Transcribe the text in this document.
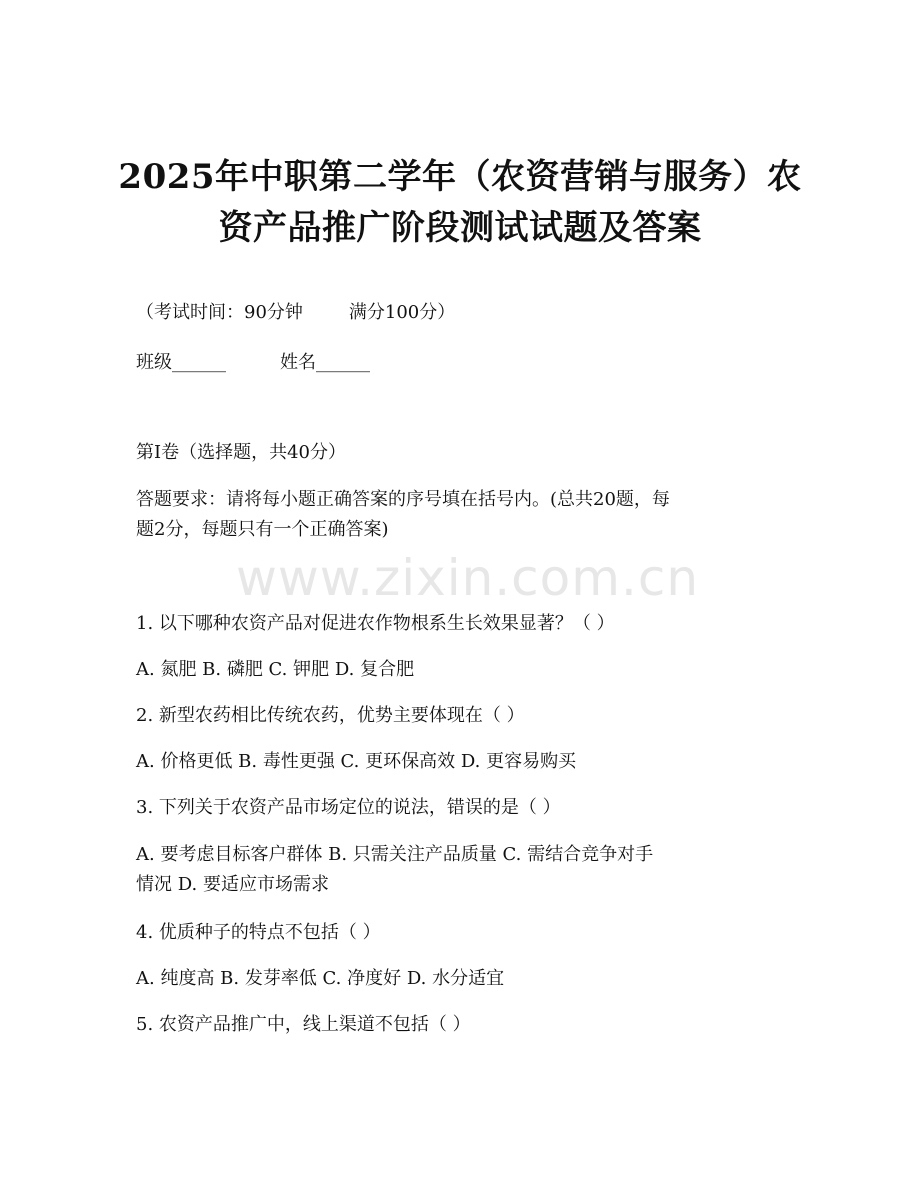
2025年中职第二学年（农资营销与服务）农
资产品推广阶段测试试题及答案
（考试时间：90分钟	满分100分）
班级______	姓名______
第I卷（选择题，共40分）
答题要求：请将每小题正确答案的序号填在括号内。(总共20题，每
题2分，每题只有一个正确答案)
www.zixin.com.cn
1. 以下哪种农资产品对促进农作物根系生长效果显著？（ ）
A. 氮肥 B. 磷肥 C. 钾肥 D. 复合肥
2. 新型农药相比传统农药，优势主要体现在（ ）
A. 价格更低 B. 毒性更强 C. 更环保高效 D. 更容易购买
3. 下列关于农资产品市场定位的说法，错误的是（ ）
A. 要考虑目标客户群体 B. 只需关注产品质量 C. 需结合竞争对手
情况 D. 要适应市场需求
4. 优质种子的特点不包括（ ）
A. 纯度高 B. 发芽率低 C. 净度好 D. 水分适宜
5. 农资产品推广中，线上渠道不包括（ ）
